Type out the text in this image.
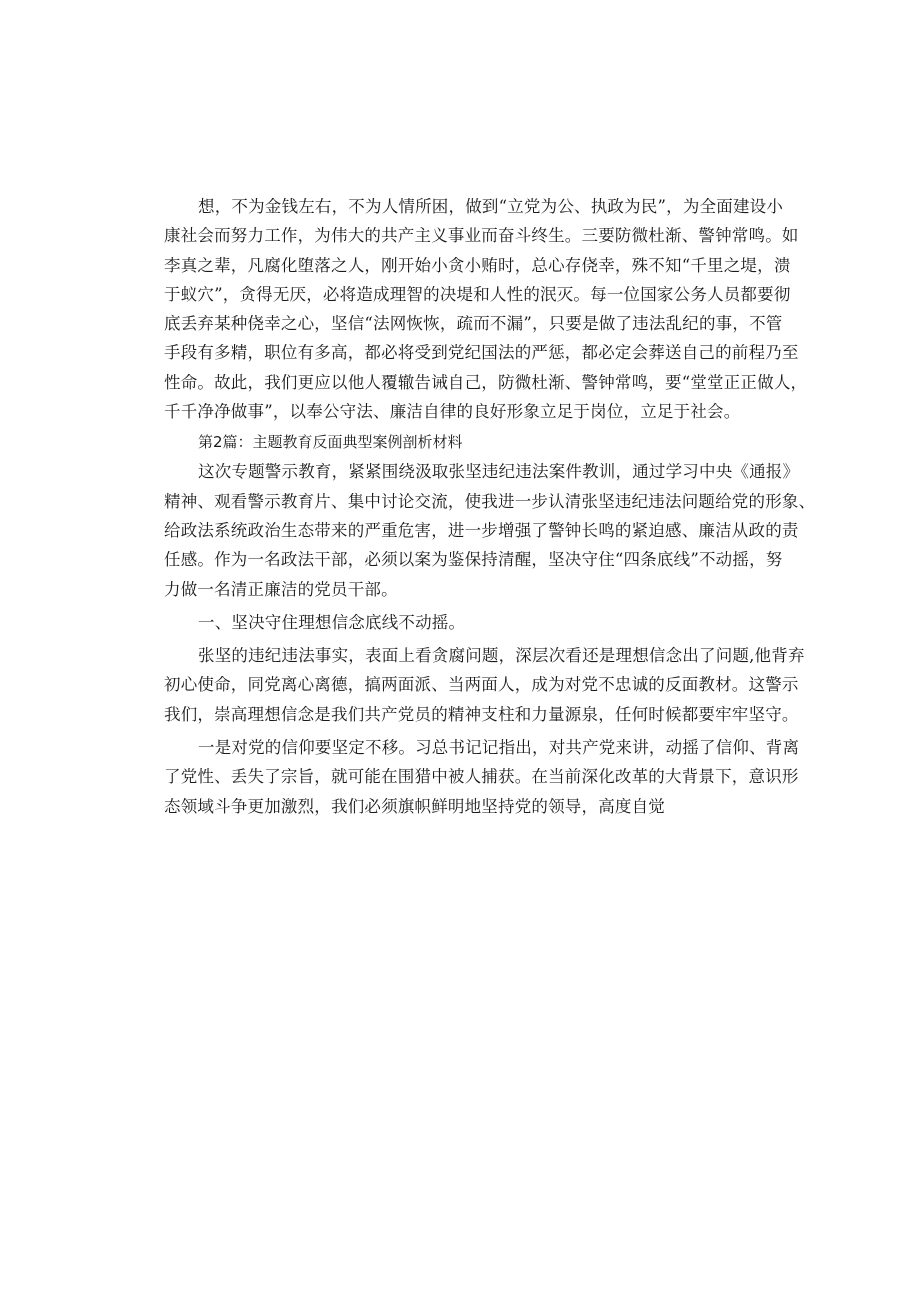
想，不为金钱左右，不为人情所困，做到“立党为公、执政为民”，为全面建设小
康社会而努力工作，为伟大的共产主义事业而奋斗终生。三要防微杜渐、警钟常鸣。如
李真之辈，凡腐化堕落之人，刚开始小贪小贿时，总心存侥幸，殊不知“千里之堤，溃
于蚁穴”，贪得无厌，必将造成理智的决堤和人性的泯灭。每一位国家公务人员都要彻
底丢弃某种侥幸之心，坚信“法网恢恢，疏而不漏”，只要是做了违法乱纪的事，不管
手段有多精，职位有多高，都必将受到党纪国法的严惩，都必定会葬送自己的前程乃至
性命。故此，我们更应以他人覆辙告诫自己，防微杜渐、警钟常鸣，要“堂堂正正做人，
千千净净做事”，以奉公守法、廉洁自律的良好形象立足于岗位，立足于社会。
第2篇：主题教育反面典型案例剖析材料
这次专题警示教育，紧紧围绕汲取张坚违纪违法案件教训，通过学习中央《通报》
精神、观看警示教育片、集中讨论交流，使我进一步认清张坚违纪违法问题给党的形象、
给政法系统政治生态带来的严重危害，进一步增强了警钟长鸣的紧迫感、廉洁从政的责
任感。作为一名政法干部，必须以案为鉴保持清醒，坚决守住“四条底线”不动摇，努
力做一名清正廉洁的党员干部。
一、坚决守住理想信念底线不动摇。
张坚的违纪违法事实，表面上看贪腐问题，深层次看还是理想信念出了问题,他背弃
初心使命，同党离心离德，搞两面派、当两面人，成为对党不忠诚的反面教材。这警示
我们，崇高理想信念是我们共产党员的精神支柱和力量源泉，任何时候都要牢牢坚守。
一是对党的信仰要坚定不移。习总书记记指出，对共产党来讲，动摇了信仰、背离
了党性、丢失了宗旨，就可能在围猎中被人捕获。在当前深化改革的大背景下，意识形
态领域斗争更加激烈，我们必须旗帜鲜明地坚持党的领导，高度自觉
